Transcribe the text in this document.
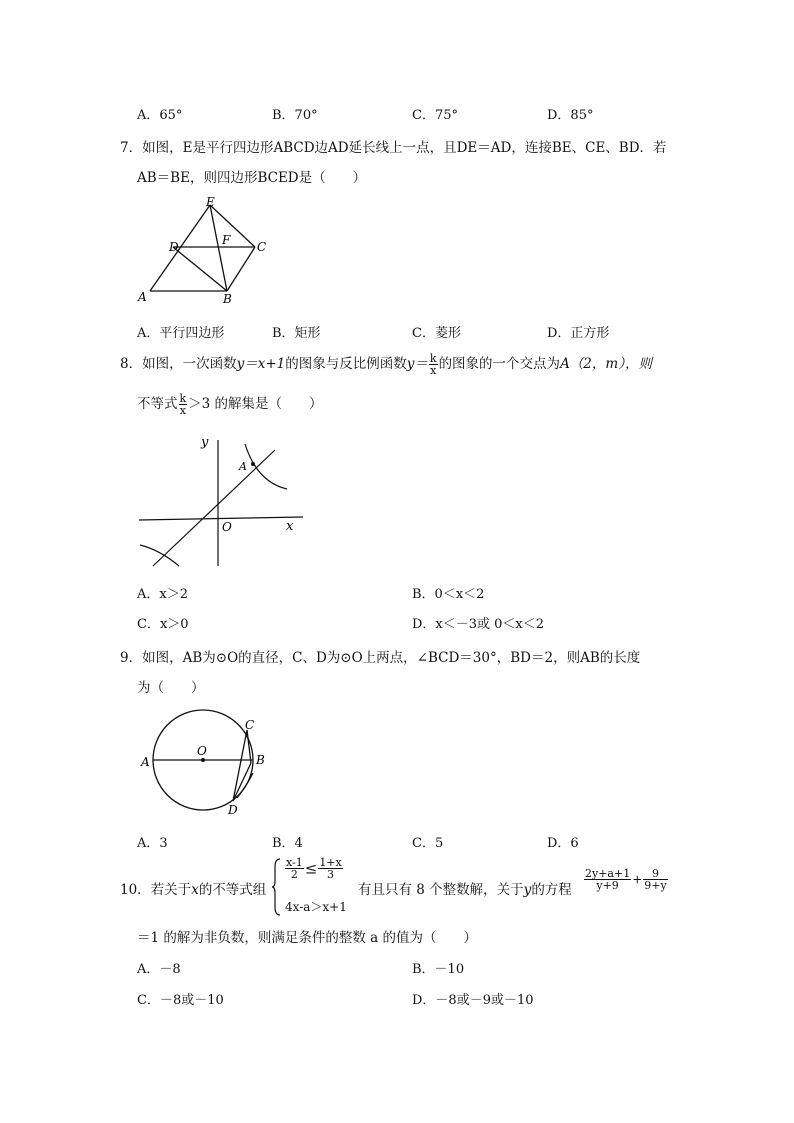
A．65°	B．70°	C．75°	D．85°
7．如图，E是平行四边形ABCD边AD延长线上一点，且DE＝AD，连接BE、CE、BD．若
AB＝BE，则四边形BCED是（　　）
E
D	F C
A	B
A．平行四边形	B．矩形	C．菱形	D．正方形
8．如图，一次函数y＝x+1的图象与反比例函数$y= \frac{k}{x}$ 的图象的一个交点为A（2，m），则
不等式 $\frac{k}{x} >3$ 的解集是（　　）
y
x
O
A
A．x＞2	B．0＜x＜2
C．x＞0	D．x＜－3或 0＜x＜2
9．如图，AB为⊙O的直径，C、D为⊙O上两点，∠BCD＝30°，BD＝2，则AB的长度
为（　　）
A
O
B
C
D
A．3	B．4	C．5	D．6
10．若关于x的不等式组
$\frac{x-1}{2} \le \frac{1+x}{3}$
4x-a＞x+1
有且只有 8 个整数解，关于y的方程 $\frac{2y+a+1}{y+9} + \frac{9}{9+y}$
＝1 的解为非负数，则满足条件的整数 a 的值为（　　）
A．－8	B．－10
C．－8或－10	D．－8或－9或－10
